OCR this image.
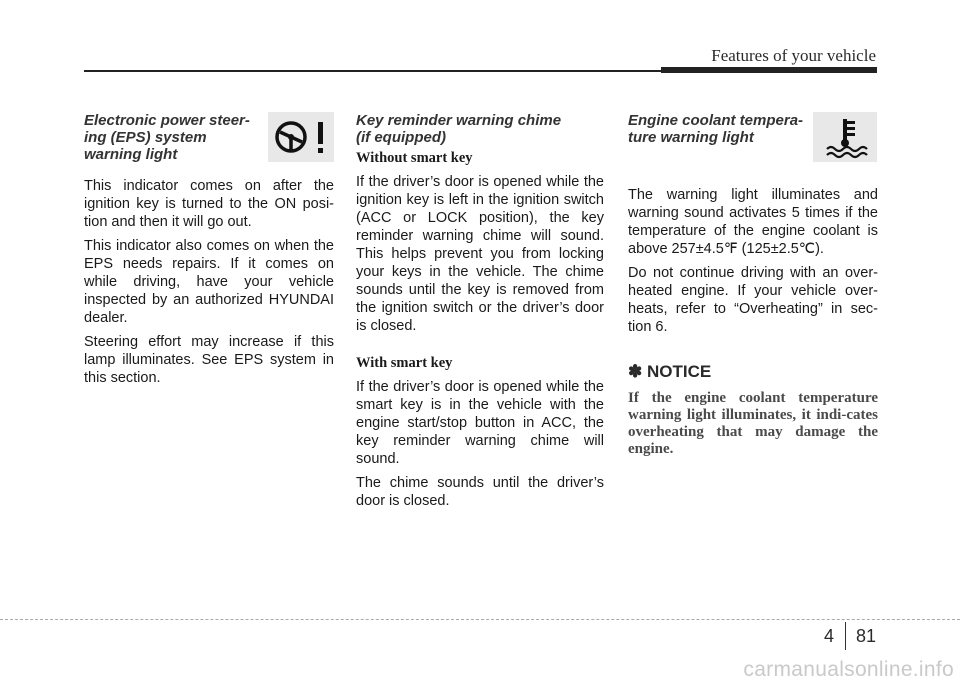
Features of your vehicle

Electronic power steer-
ing (EPS) system
warning light

This indicator comes on after the ignition key is turned to the ON posi-tion and then it will go out.

This indicator also comes on when the EPS needs repairs. If it comes on while driving, have your vehicle inspected by an authorized HYUNDAI dealer.

Steering effort may increase if this lamp illuminates. See EPS system in this section.

Key reminder warning chime
(if equipped)

Without smart key

If the driver’s door is opened while the ignition key is left in the ignition switch (ACC or LOCK position), the key reminder warning chime will sound. This helps prevent you from locking your keys in the vehicle. The chime sounds until the key is removed from the ignition switch or the driver’s door is closed.

With smart key

If the driver’s door is opened while the smart key is in the vehicle with the engine start/stop button in ACC, the key reminder warning chime will sound.

The chime sounds until the driver’s door is closed.

Engine coolant tempera-
ture warning light

The warning light illuminates and warning sound activates 5 times if the temperature of the engine coolant is above 257±4.5℉ (125±2.5℃).

Do not continue driving with an over-heated engine. If your vehicle over-heats, refer to “Overheating” in sec-tion 6.

✽ NOTICE

If the engine coolant temperature warning light illuminates, it indi-cates overheating that may damage the engine.

4 81
carmanualsonline.info
